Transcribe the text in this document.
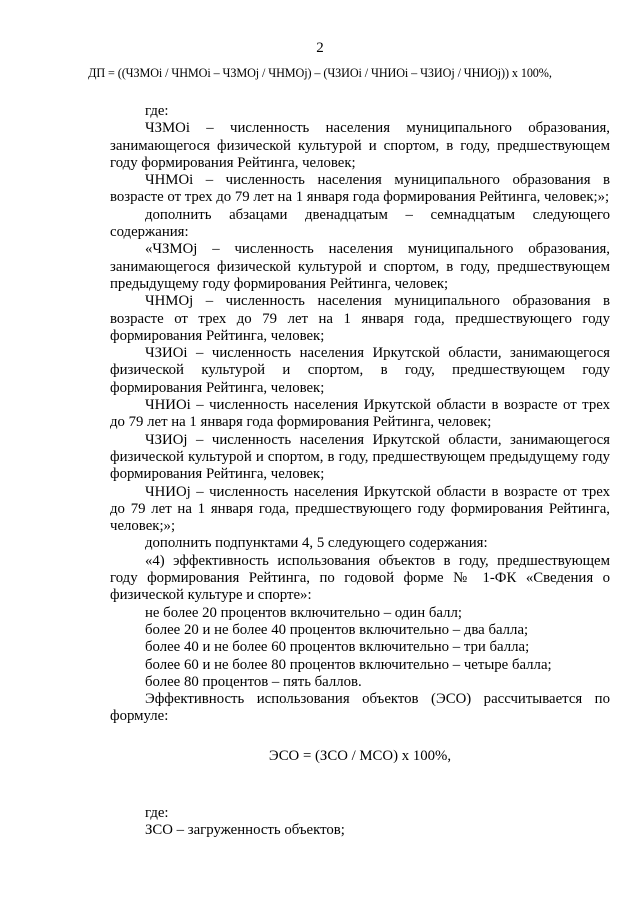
2
ДП = ((ЧЗМОi / ЧНМОi – ЧЗМОj / ЧНМОj) – (ЧЗИОi / ЧНИОi – ЧЗИОj / ЧНИОj)) х 100%,

где:

ЧЗМОi – численность населения муниципального образования, занимающегося физической культурой и спортом, в году, предшествующем году формирования Рейтинга, человек;

ЧНМОi – численность населения муниципального образования в возрасте от трех до 79 лет на 1 января года формирования Рейтинга, человек;»;

дополнить абзацами двенадцатым – семнадцатым следующего содержания:

«ЧЗМОj – численность населения муниципального образования, занимающегося физической культурой и спортом, в году, предшествующем предыдущему году формирования Рейтинга, человек;

ЧНМОj – численность населения муниципального образования в возрасте от трех до 79 лет на 1 января года, предшествующего году формирования Рейтинга, человек;

ЧЗИОi – численность населения Иркутской области, занимающегося физической культурой и спортом, в году, предшествующем году формирования Рейтинга, человек;

ЧНИОi – численность населения Иркутской области в возрасте от трех до 79 лет на 1 января года формирования Рейтинга, человек;

ЧЗИОj – численность населения Иркутской области, занимающегося физической культурой и спортом, в году, предшествующем предыдущему году формирования Рейтинга, человек;

ЧНИОj – численность населения Иркутской области в возрасте от трех до 79 лет на 1 января года, предшествующего году формирования Рейтинга, человек;»;

дополнить подпунктами 4, 5 следующего содержания:

«4) эффективность использования объектов в году, предшествующем году формирования Рейтинга, по годовой форме № 1-ФК «Сведения о физической культуре и спорте»:

не более 20 процентов включительно – один балл;

более 20 и не более 40 процентов включительно – два балла;

более 40 и не более 60 процентов включительно – три балла;

более 60 и не более 80 процентов включительно – четыре балла;

более 80 процентов – пять баллов.

Эффективность использования объектов (ЭСО) рассчитывается по формуле:

ЭСО = (ЗСО / МСО) х 100%,

где:

ЗСО – загруженность объектов;
